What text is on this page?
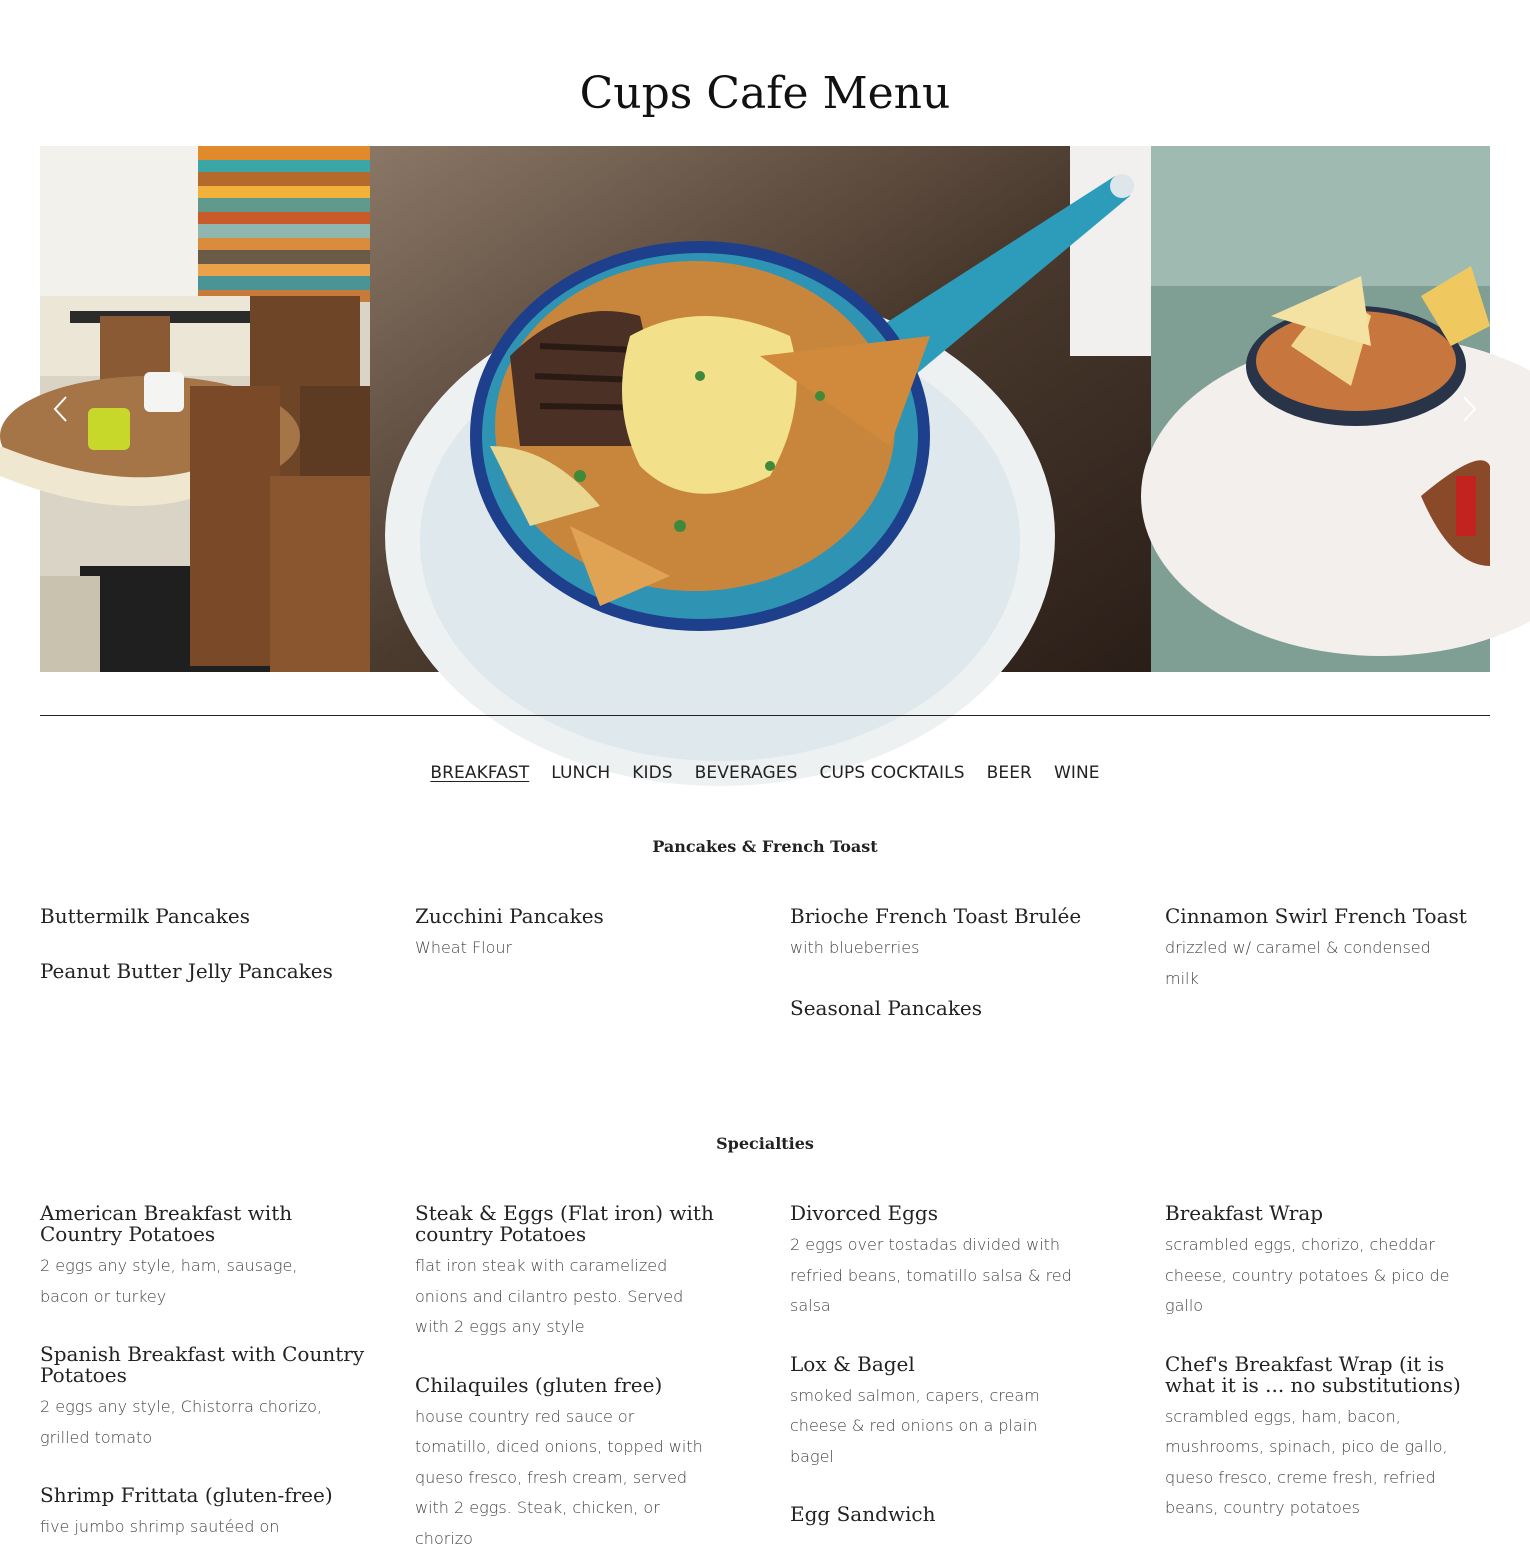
Cups Cafe Menu
BREAKFAST LUNCH KIDS BEVERAGES CUPS COCKTAILS BEER WINE
Pancakes & French Toast
Buttermilk Pancakes
Peanut Butter Jelly Pancakes
Zucchini Pancakes
Wheat Flour
Brioche French Toast Brulée
with blueberries
Seasonal Pancakes
Cinnamon Swirl French Toast
drizzled w/ caramel & condensed milk
Specialties
American Breakfast with Country Potatoes
2 eggs any style, ham, sausage, bacon or turkey
Spanish Breakfast with Country Potatoes
2 eggs any style, Chistorra chorizo, grilled tomato
Shrimp Frittata (gluten-free)
five jumbo shrimp sautéed on
Steak & Eggs (Flat iron) with country Potatoes
flat iron steak with caramelized onions and cilantro pesto. Served with 2 eggs any style
Chilaquiles (gluten free)
house country red sauce or tomatillo, diced onions, topped with queso fresco, fresh cream, served with 2 eggs. Steak, chicken, or chorizo
Divorced Eggs
2 eggs over tostadas divided with refried beans, tomatillo salsa & red salsa
Lox & Bagel
smoked salmon, capers, cream cheese & red onions on a plain bagel
Egg Sandwich
Breakfast Wrap
scrambled eggs, chorizo, cheddar cheese, country potatoes & pico de gallo
Chef's Breakfast Wrap (it is what it is ... no substitutions)
scrambled eggs, ham, bacon, mushrooms, spinach, pico de gallo, queso fresco, creme fresh, refried beans, country potatoes
